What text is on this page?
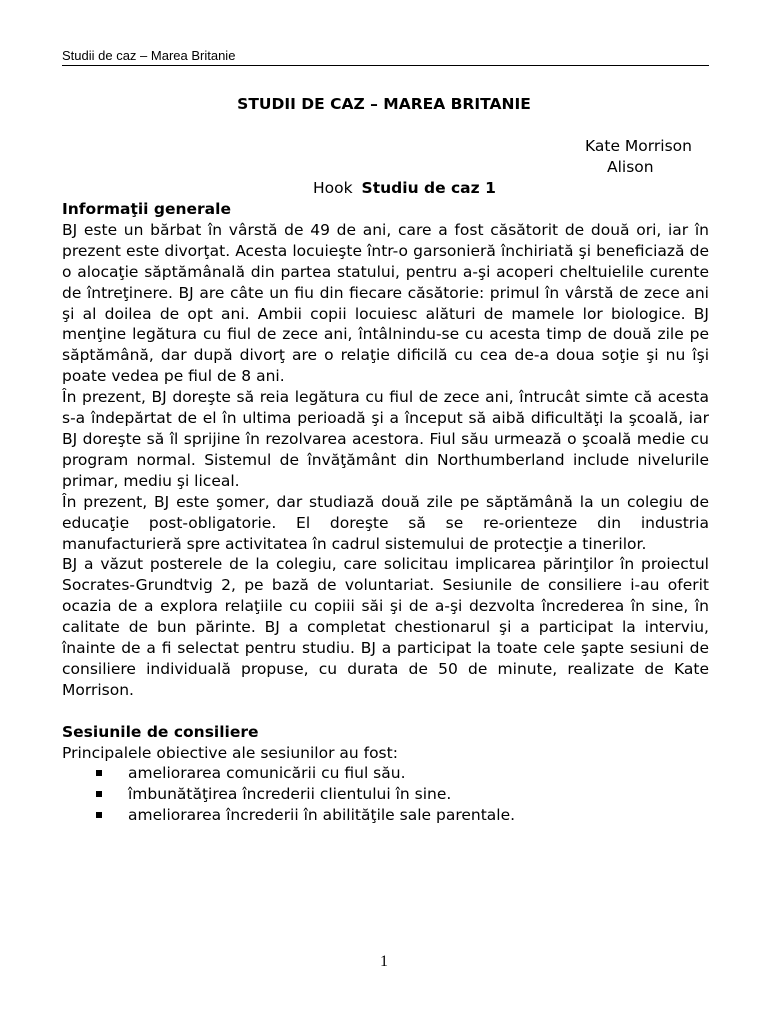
Studii de caz – Marea Britanie
STUDII DE CAZ – MAREA BRITANIE
Kate Morrison
Alison
Hook Studiu de caz 1
Informaţii generale

BJ este un bărbat în vârstă de 49 de ani, care a fost căsătorit de două ori, iar în prezent este divorţat. Acesta locuieşte într-o garsonieră închiriată şi beneficiază de o alocaţie săptămânală din partea statului, pentru a-şi acoperi cheltuielile curente de întreţinere. BJ are câte un fiu din fiecare căsătorie: primul în vârstă de zece ani şi al doilea de opt ani. Ambii copii locuiesc alături de mamele lor biologice. BJ menţine legătura cu fiul de zece ani, întâlnindu-se cu acesta timp de două zile pe săptămână, dar după divorţ are o relaţie dificilă cu cea de-a doua soţie şi nu îşi poate vedea pe fiul de 8 ani.

În prezent, BJ doreşte să reia legătura cu fiul de zece ani, întrucât simte că acesta s-a îndepărtat de el în ultima perioadă şi a început să aibă dificultăţi la şcoală, iar BJ doreşte să îl sprijine în rezolvarea acestora. Fiul său urmează o şcoală medie cu program normal. Sistemul de învăţământ din Northumberland include nivelurile primar, mediu şi liceal.

În prezent, BJ este şomer, dar studiază două zile pe săptămână la un colegiu de educaţie post-obligatorie. El doreşte să se re-orienteze din industria manufacturieră spre activitatea în cadrul sistemului de protecţie a tinerilor.

BJ a văzut posterele de la colegiu, care solicitau implicarea părinţilor în proiectul Socrates-Grundtvig 2, pe bază de voluntariat. Sesiunile de consiliere i-au oferit ocazia de a explora relaţiile cu copiii săi şi de a-şi dezvolta încrederea în sine, în calitate de bun părinte. BJ a completat chestionarul şi a participat la interviu, înainte de a fi selectat pentru studiu. BJ a participat la toate cele şapte sesiuni de consiliere individuală propuse, cu durata de 50 de minute, realizate de Kate Morrison.

Sesiunile de consiliere

Principalele obiective ale sesiunilor au fost:

ameliorarea comunicării cu fiul său.
îmbunătăţirea încrederii clientului în sine.
ameliorarea încrederii în abilităţile sale parentale.
1
